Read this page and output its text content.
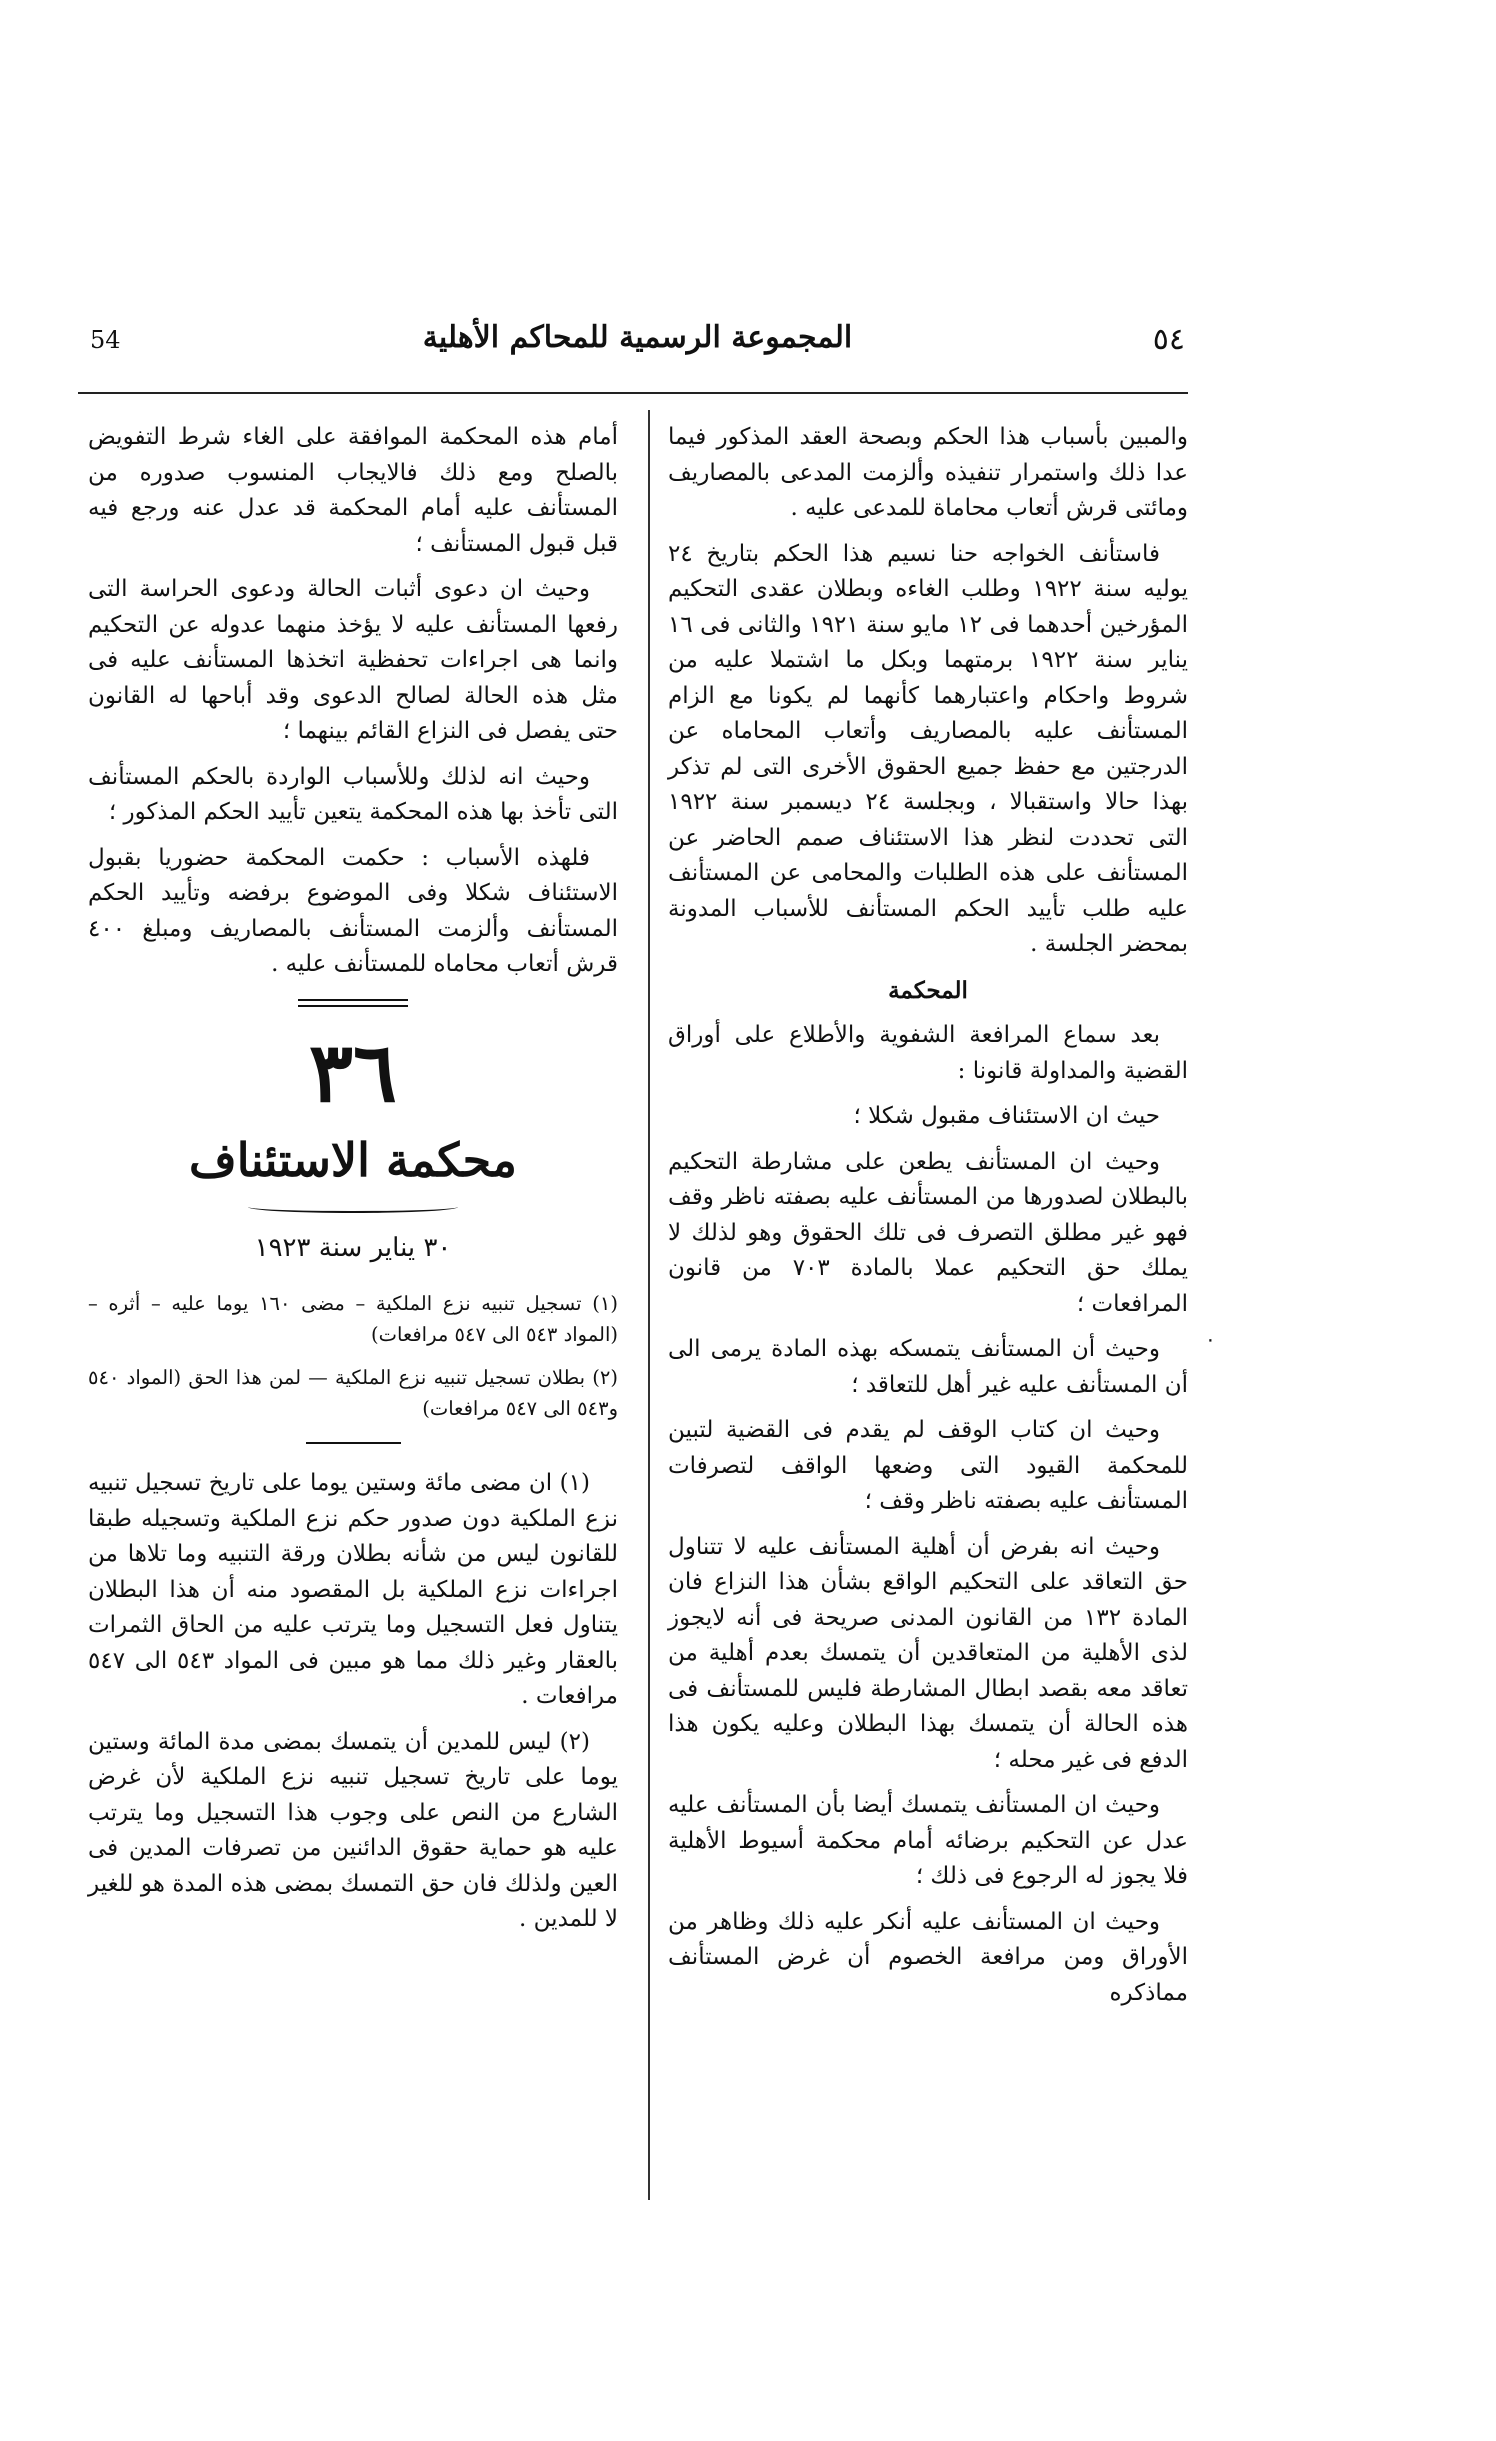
54	المجموعة الرسمية للمحاكم الأهلية	٥٤

والمبين بأسباب هذا الحكم وبصحة العقد المذكور فيما عدا ذلك واستمرار تنفيذه وألزمت المدعى بالمصاريف ومائتى قرش أتعاب محاماة للمدعى عليه .

فاستأنف الخواجه حنا نسيم هذا الحكم بتاريخ ٢٤ يوليه سنة ١٩٢٢ وطلب الغاءه وبطلان عقدى التحكيم المؤرخين أحدهما فى ١٢ مايو سنة ١٩٢١ والثانى فى ١٦ يناير سنة ١٩٢٢ برمتهما وبكل ما اشتملا عليه من شروط واحكام واعتبارهما كأنهما لم يكونا مع الزام المستأنف عليه بالمصاريف وأتعاب المحاماه عن الدرجتين مع حفظ جميع الحقوق الأخرى التى لم تذكر بهذا حالا واستقبالا ، وبجلسة ٢٤ ديسمبر سنة ١٩٢٢ التى تحددت لنظر هذا الاستئناف صمم الحاضر عن المستأنف على هذه الطلبات والمحامى عن المستأنف عليه طلب تأييد الحكم المستأنف للأسباب المدونة بمحضر الجلسة .

المحكمة

بعد سماع المرافعة الشفوية والأطلاع على أوراق القضية والمداولة قانونا :

حيث ان الاستئناف مقبول شكلا ؛

وحيث ان المستأنف يطعن على مشارطة التحكيم بالبطلان لصدورها من المستأنف عليه بصفته ناظر وقف فهو غير مطلق التصرف فى تلك الحقوق وهو لذلك لا يملك حق التحكيم عملا بالمادة ٧٠٣ من قانون المرافعات ؛

وحيث أن المستأنف يتمسكه بهذه المادة يرمى الى أن المستأنف عليه غير أهل للتعاقد ؛

وحيث ان كتاب الوقف لم يقدم فى القضية لتبين للمحكمة القيود التى وضعها الواقف لتصرفات المستأنف عليه بصفته ناظر وقف ؛

وحيث انه بفرض أن أهلية المستأنف عليه لا تتناول حق التعاقد على التحكيم الواقع بشأن هذا النزاع فان المادة ١٣٢ من القانون المدنى صريحة فى أنه لايجوز لذى الأهلية من المتعاقدين أن يتمسك بعدم أهلية من تعاقد معه بقصد ابطال المشارطة فليس للمستأنف فى هذه الحالة أن يتمسك بهذا البطلان وعليه يكون هذا الدفع فى غير محله ؛

وحيث ان المستأنف يتمسك أيضا بأن المستأنف عليه عدل عن التحكيم برضائه أمام محكمة أسيوط الأهلية فلا يجوز له الرجوع فى ذلك ؛

وحيث ان المستأنف عليه أنكر عليه ذلك وظاهر من الأوراق ومن مرافعة الخصوم أن غرض المستأنف مماذكره

٠

أمام هذه المحكمة الموافقة على الغاء شرط التفويض بالصلح ومع ذلك فالايجاب المنسوب صدوره من المستأنف عليه أمام المحكمة قد عدل عنه ورجع فيه قبل قبول المستأنف ؛

وحيث ان دعوى أثبات الحالة ودعوى الحراسة التى رفعها المستأنف عليه لا يؤخذ منهما عدوله عن التحكيم وانما هى اجراءات تحفظية اتخذها المستأنف عليه فى مثل هذه الحالة لصالح الدعوى وقد أباحها له القانون حتى يفصل فى النزاع القائم بينهما ؛

وحيث انه لذلك وللأسباب الواردة بالحكم المستأنف التى تأخذ بها هذه المحكمة يتعين تأييد الحكم المذكور ؛

فلهذه الأسباب : حكمت المحكمة حضوريا بقبول الاستئناف شكلا وفى الموضوع برفضه وتأييد الحكم المستأنف وألزمت المستأنف بالمصاريف ومبلغ ٤٠٠ قرش أتعاب محاماه للمستأنف عليه .

٣٦

محكمة الاستئناف

٣٠ يناير سنة ١٩٢٣

(١) تسجيل تنبيه نزع الملكية – مضى ١٦٠ يوما عليه – أثره – (المواد ٥٤٣ الى ٥٤٧ مرافعات)

(٢) بطلان تسجيل تنبيه نزع الملكية — لمن هذا الحق (المواد ٥٤٠ و٥٤٣ الى ٥٤٧ مرافعات)

(١) ان مضى مائة وستين يوما على تاريخ تسجيل تنبيه نزع الملكية دون صدور حكم نزع الملكية وتسجيله طبقا للقانون ليس من شأنه بطلان ورقة التنبيه وما تلاها من اجراءات نزع الملكية بل المقصود منه أن هذا البطلان يتناول فعل التسجيل وما يترتب عليه من الحاق الثمرات بالعقار وغير ذلك مما هو مبين فى المواد ٥٤٣ الى ٥٤٧ مرافعات .

(٢) ليس للمدين أن يتمسك بمضى مدة المائة وستين يوما على تاريخ تسجيل تنبيه نزع الملكية لأن غرض الشارع من النص على وجوب هذا التسجيل وما يترتب عليه هو حماية حقوق الدائنين من تصرفات المدين فى العين ولذلك فان حق التمسك بمضى هذه المدة هو للغير لا للمدين .
